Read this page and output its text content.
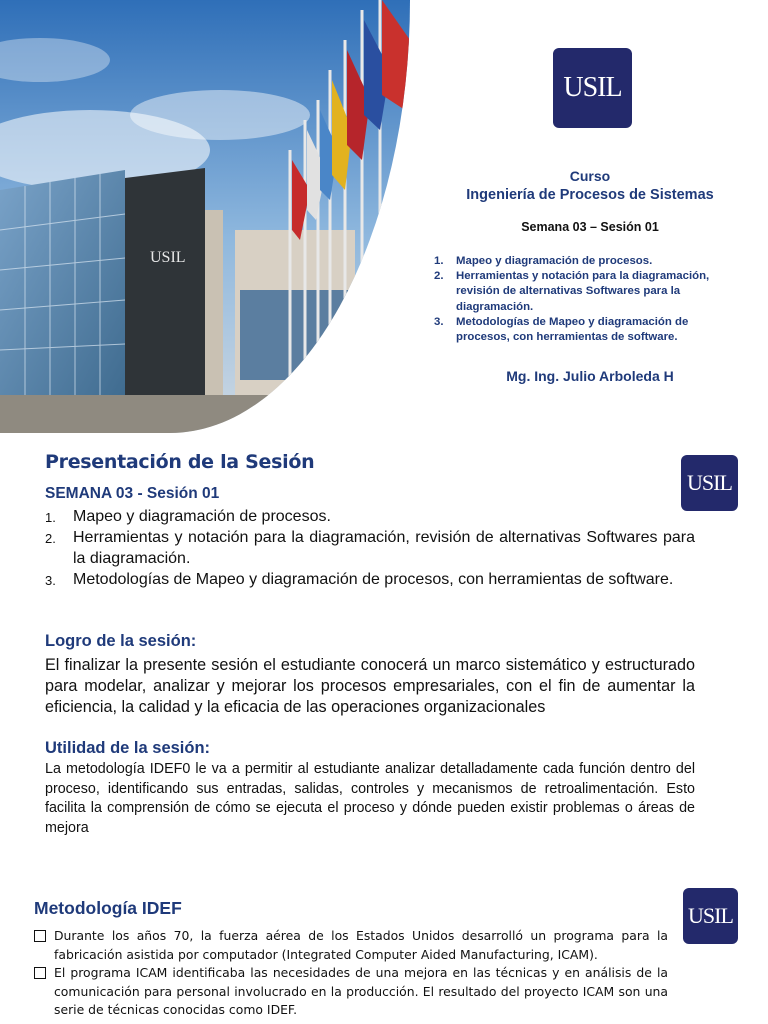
USIL
USIL
Curso
Ingeniería de Procesos de Sistemas
Semana 03 – Sesión 01
1. Mapeo y diagramación de procesos.
2. Herramientas y notación para la diagramación, revisión de alternativas Softwares para la diagramación.
3. Metodologías de Mapeo y diagramación de procesos, con herramientas de software.
Mg. Ing. Julio Arboleda H
Presentación de la Sesión
USIL
SEMANA 03 - Sesión 01
1. Mapeo y diagramación de procesos.
2. Herramientas y notación para la diagramación, revisión de alternativas Softwares para la diagramación.
3. Metodologías de Mapeo y diagramación de procesos, con herramientas de software.
Logro de la sesión:

El finalizar la presente sesión el estudiante conocerá un marco sistemático y estructurado para modelar, analizar y mejorar los procesos empresariales, con el fin de aumentar la eficiencia, la calidad y la eficacia de las operaciones organizacionales

Utilidad de la sesión:

La metodología IDEF0 le va a permitir al estudiante analizar detalladamente cada función dentro del proceso, identificando sus entradas, salidas, controles y mecanismos de retroalimentación. Esto facilita la comprensión de cómo se ejecuta el proceso y dónde pueden existir problemas o áreas de mejora

Metodología IDEF	USIL
Durante los años 70, la fuerza aérea de los Estados Unidos desarrolló un programa para la fabricación asistida por computador (Integrated Computer Aided Manufacturing, ICAM).
El programa ICAM identificaba las necesidades de una mejora en las técnicas y en análisis de la comunicación para personal involucrado en la producción. El resultado del proyecto ICAM son una serie de técnicas conocidas como IDEF.
